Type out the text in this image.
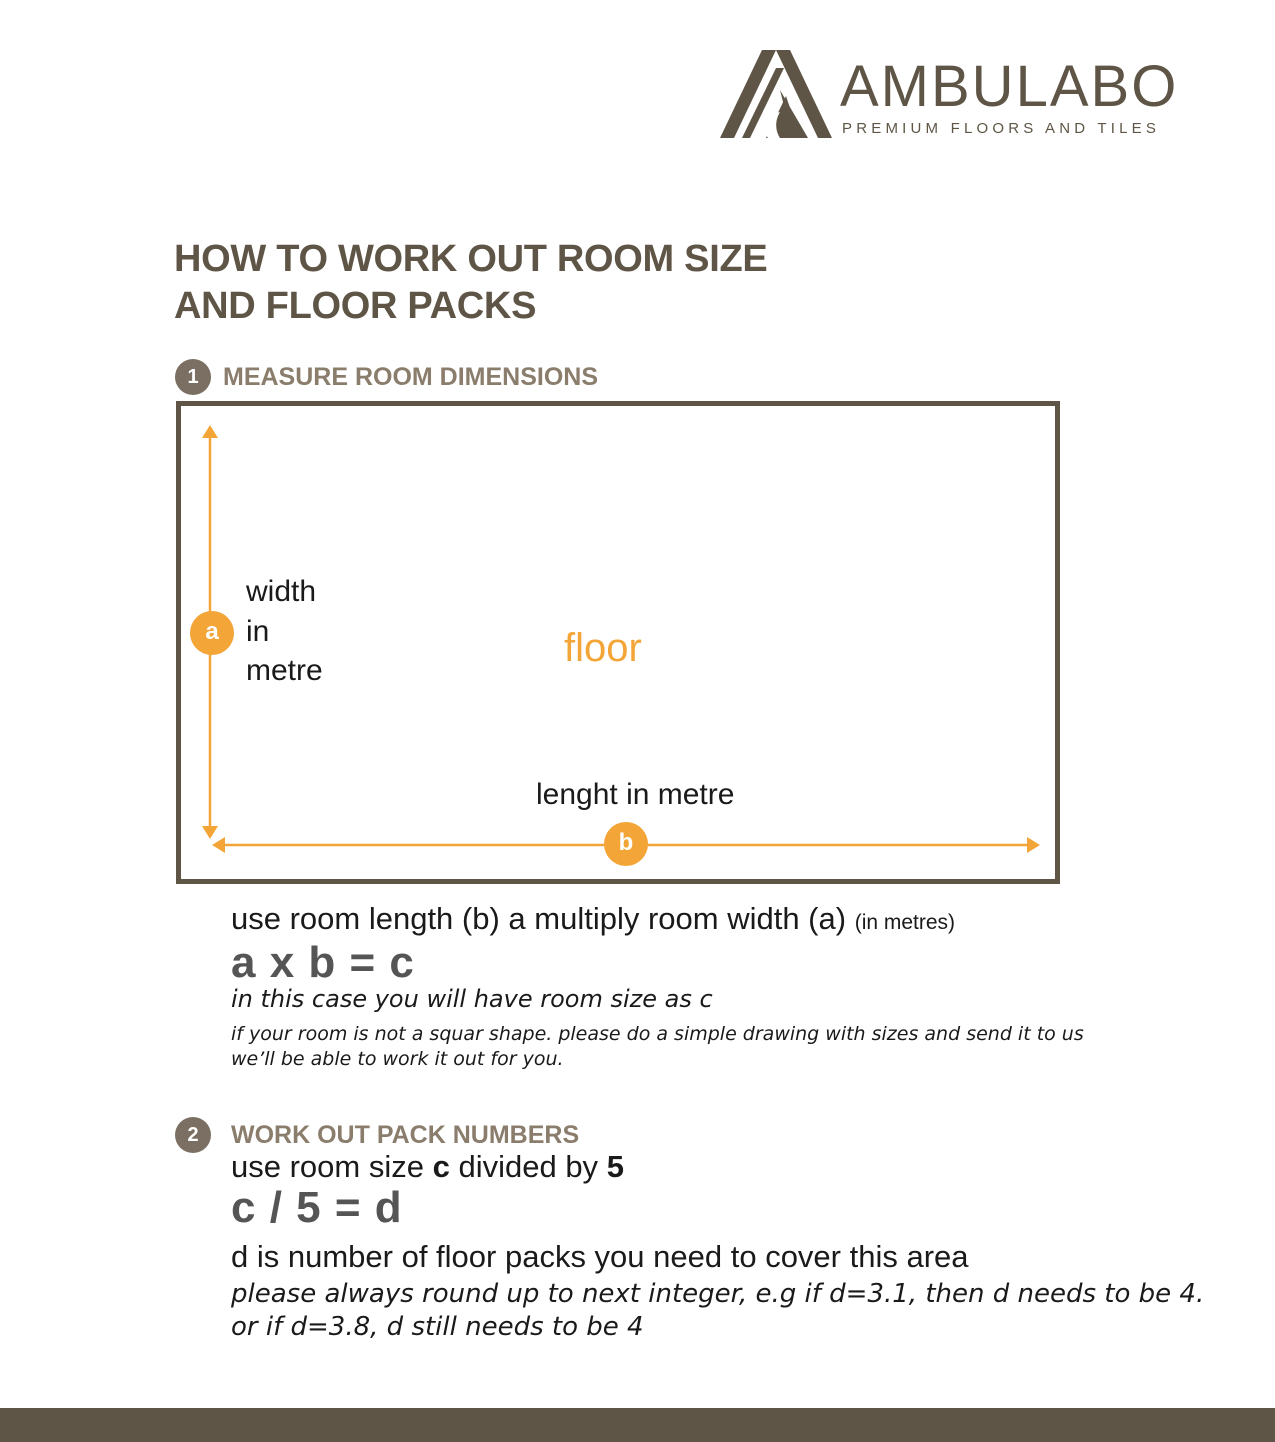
AMBULABO
PREMIUM FLOORS AND TILES
HOW TO WORK OUT ROOM SIZE
AND FLOOR PACKS
1 MEASURE ROOM DIMENSIONS
a
b
width
in
metre
floor
lenght in metre
use room length (b) a multiply room width (a) (in metres)
a x b = c
in this case you will have room size as c
if your room is not a squar shape. please do a simple drawing with sizes and send it to us
we’ll be able to work it out for you.
2	WORK OUT PACK NUMBERS
use room size c divided by 5
c / 5 = d
d is number of floor packs you need to cover this area
please always round up to next integer, e.g if d=3.1, then d needs to be 4.
or if d=3.8, d still needs to be 4
